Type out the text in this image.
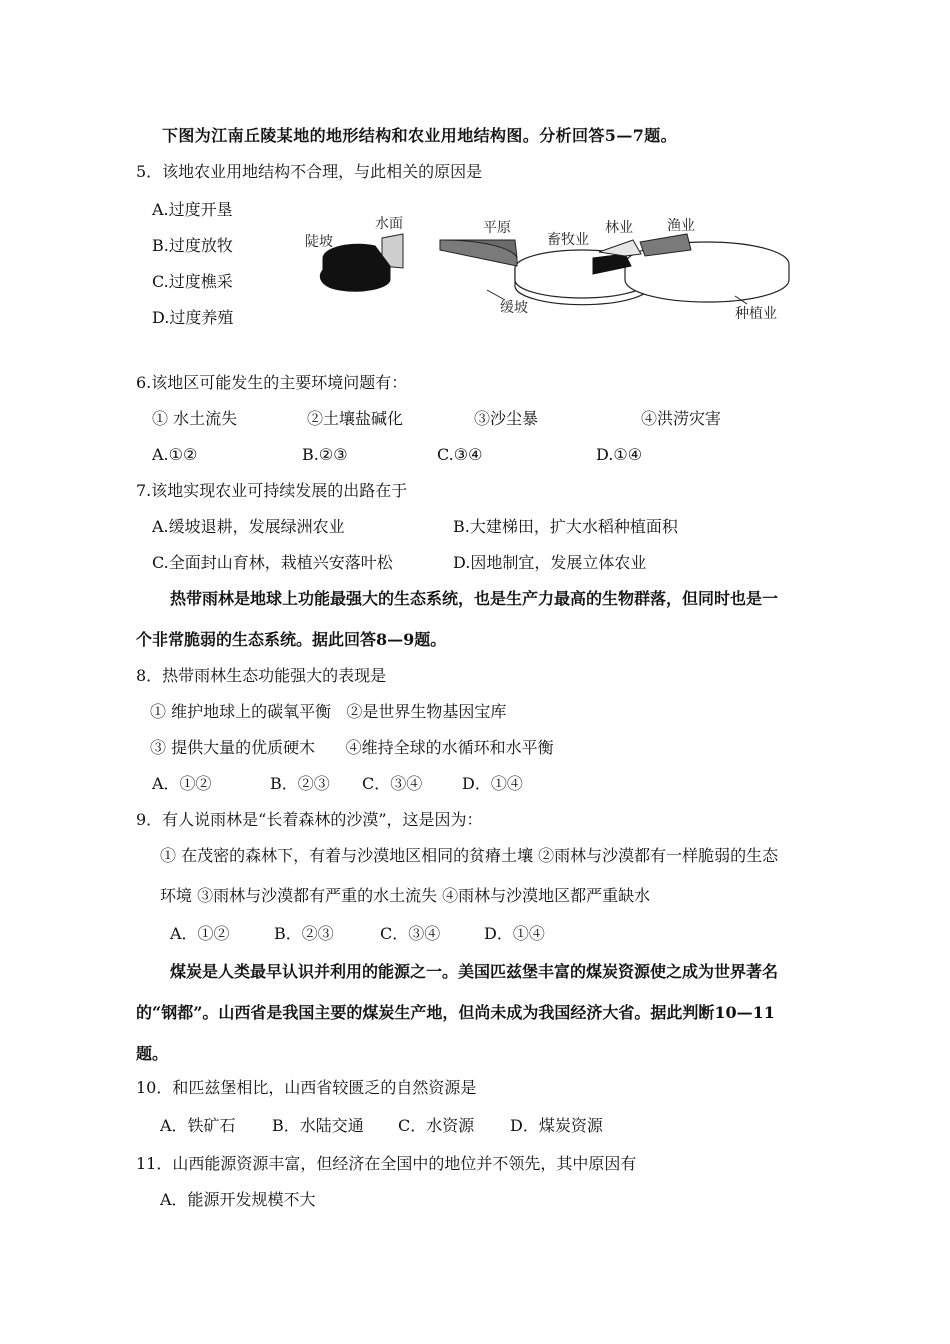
下图为江南丘陵某地的地形结构和农业用地结构图。分析回答5—7题。
5．该地农业用地结构不合理，与此相关的原因是
A.过度开垦
B.过度放牧
C.过度樵采
D.过度养殖
陡坡
水面	平原
缓坡
畜牧业
林业 渔业
种植业
6.该地区可能发生的主要环境问题有：
① 水土流失	②土壤盐碱化	③沙尘暴	④洪涝灾害
A.①②	B.②③	C.③④	D.①④
7.该地实现农业可持续发展的出路在于
A.缓坡退耕，发展绿洲农业	B.大建梯田，扩大水稻种植面积
C.全面封山育林，栽植兴安落叶松	D.因地制宜，发展立体农业
热带雨林是地球上功能最强大的生态系统，也是生产力最高的生物群落，但同时也是一
个非常脆弱的生态系统。据此回答8—9题。
8．热带雨林生态功能强大的表现是
① 维护地球上的碳氧平衡   ②是世界生物基因宝库
③ 提供大量的优质硬木      ④维持全球的水循环和水平衡
A．①②	B．②③ C．③④ D．①④
9．有人说雨林是“长着森林的沙漠”，这是因为：
① 在茂密的森林下，有着与沙漠地区相同的贫瘠土壤 ②雨林与沙漠都有一样脆弱的生态
环境 ③雨林与沙漠都有严重的水土流失 ④雨林与沙漠地区都严重缺水
A．①②	B．②③	C．③④	D．①④
煤炭是人类最早认识并利用的能源之一。美国匹兹堡丰富的煤炭资源使之成为世界著名
的“钢都”。山西省是我国主要的煤炭生产地，但尚未成为我国经济大省。据此判断10—11
题。
10．和匹兹堡相比，山西省较匮乏的自然资源是
A．铁矿石 B．水陆交通 C．水资源 D．煤炭资源
11．山西能源资源丰富，但经济在全国中的地位并不领先，其中原因有
A．能源开发规模不大
